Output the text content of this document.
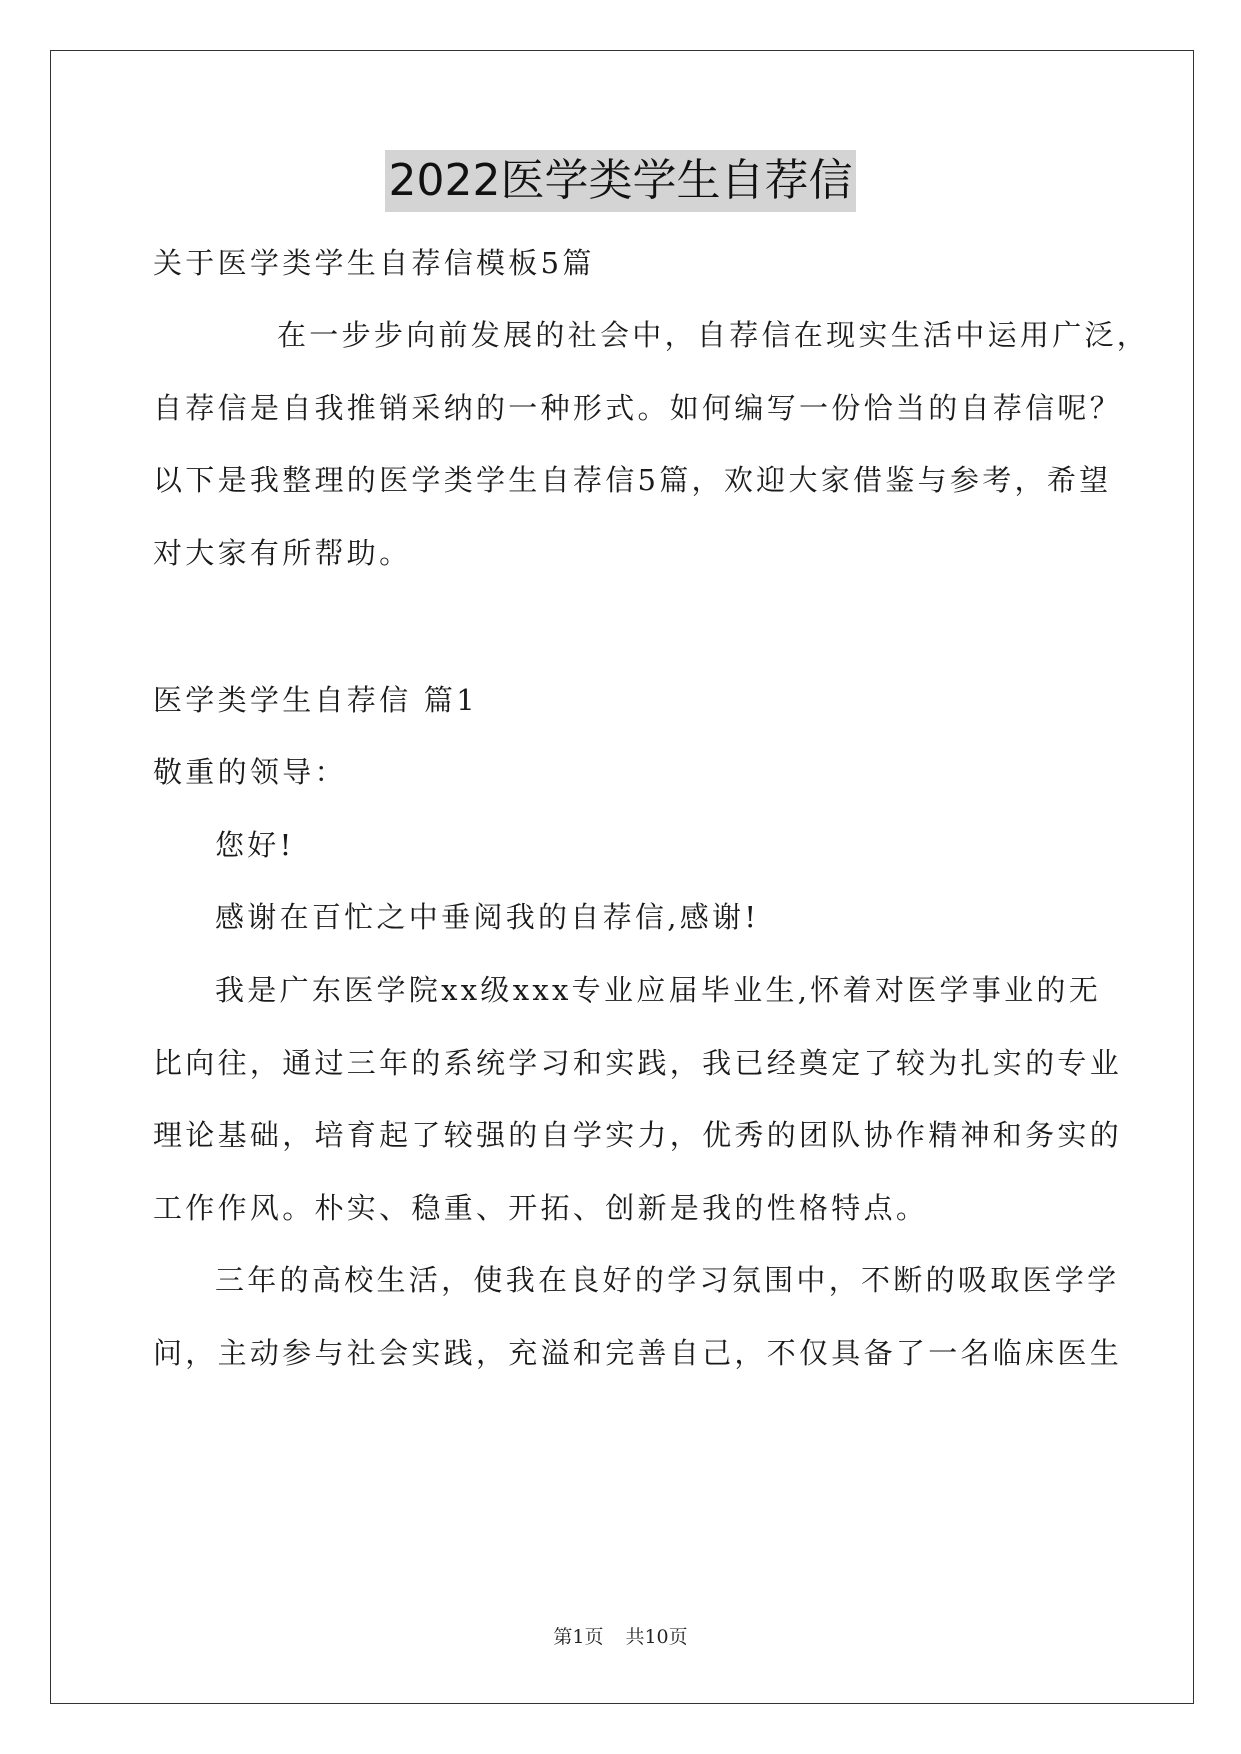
2022医学类学生自荐信
关于医学类学生自荐信模板5篇
在一步步向前发展的社会中，自荐信在现实生活中运用广泛，
自荐信是自我推销采纳的一种形式。如何编写一份恰当的自荐信呢？
以下是我整理的医学类学生自荐信5篇，欢迎大家借鉴与参考，希望
对大家有所帮助。
医学类学生自荐信 篇1
敬重的领导：
您好!
感谢在百忙之中垂阅我的自荐信,感谢!
我是广东医学院xx级xxx专业应届毕业生,怀着对医学事业的无
比向往，通过三年的系统学习和实践，我已经奠定了较为扎实的专业
理论基础，培育起了较强的自学实力，优秀的团队协作精神和务实的
工作作风。朴实、稳重、开拓、创新是我的性格特点。
三年的高校生活，使我在良好的学习氛围中，不断的吸取医学学
问，主动参与社会实践，充溢和完善自己，不仅具备了一名临床医生
第1页 共10页
